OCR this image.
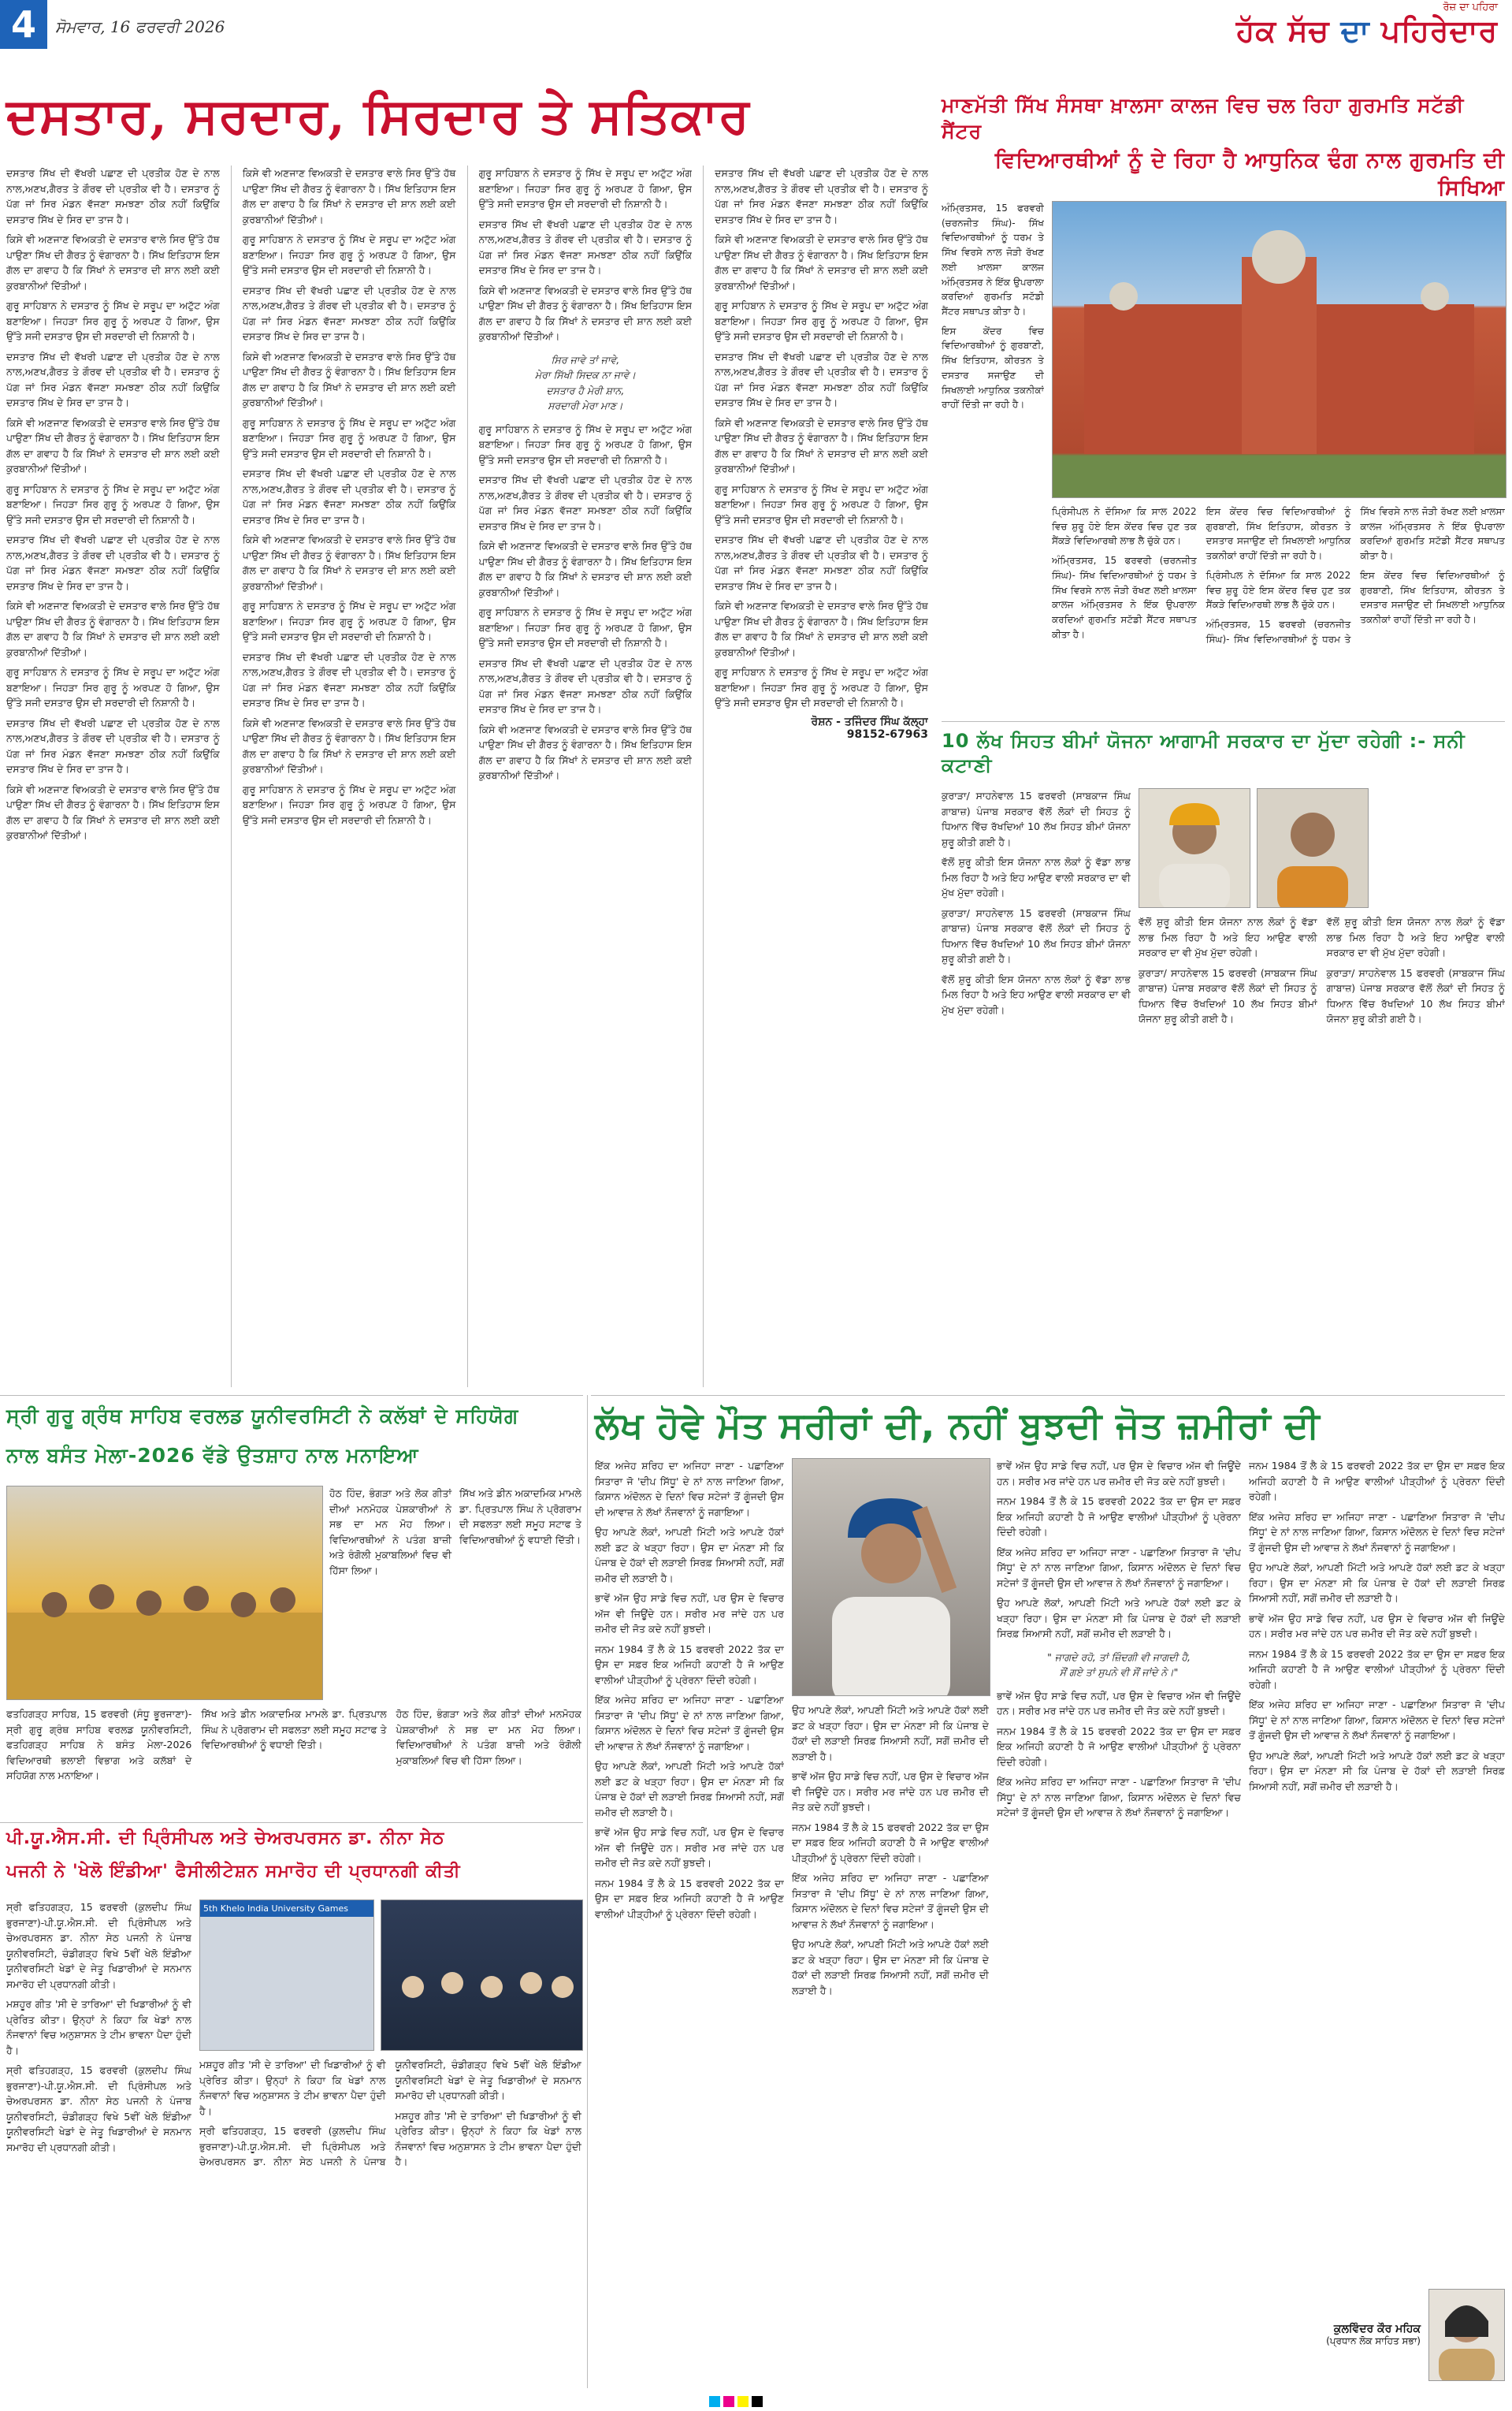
4	ਸੋਮਵਾਰ, 16 ਫਰਵਰੀ 2026
ਰੋਜ਼ ਦਾ ਪਹਿਰਾ
ਹੱਕ ਸੱਚ ਦਾ ਪਹਿਰੇਦਾਰ
ਦਸਤਾਰ, ਸਰਦਾਰ, ਸਿਰਦਾਰ ਤੇ ਸਤਿਕਾਰ

ਦਸਤਾਰ ਸਿੱਖ ਦੀ ਵੱਖਰੀ ਪਛਾਣ ਦੀ ਪ੍ਰਤੀਕ ਹੋਣ ਦੇ ਨਾਲ ਨਾਲ,ਅਣਖ,ਗੈਰਤ ਤੇ ਗੌਰਵ ਦੀ ਪ੍ਰਤੀਕ ਵੀ ਹੈ। ਦਸਤਾਰ ਨੂੰ ਪੱਗ ਜਾਂ ਸਿਰ ਮੰਡਨ ਵੱਜਣਾ ਸਮਝਣਾ ਠੀਕ ਨਹੀਂ ਕਿਉਂਕਿ ਦਸਤਾਰ ਸਿੱਖ ਦੇ ਸਿਰ ਦਾ ਤਾਜ ਹੈ।

ਕਿਸੇ ਵੀ ਅਣਜਾਣ ਵਿਅਕਤੀ ਦੇ ਦਸਤਾਰ ਵਾਲੇ ਸਿਰ ਉੱਤੇ ਹੱਥ ਪਾਉਣਾ ਸਿੱਖ ਦੀ ਗੈਰਤ ਨੂੰ ਵੰਗਾਰਨਾ ਹੈ। ਸਿੱਖ ਇਤਿਹਾਸ ਇਸ ਗੱਲ ਦਾ ਗਵਾਹ ਹੈ ਕਿ ਸਿੱਖਾਂ ਨੇ ਦਸਤਾਰ ਦੀ ਸ਼ਾਨ ਲਈ ਕਈ ਕੁਰਬਾਨੀਆਂ ਦਿੱਤੀਆਂ।

ਗੁਰੂ ਸਾਹਿਬਾਨ ਨੇ ਦਸਤਾਰ ਨੂੰ ਸਿੱਖ ਦੇ ਸਰੂਪ ਦਾ ਅਟੁੱਟ ਅੰਗ ਬਣਾਇਆ। ਜਿਹੜਾ ਸਿਰ ਗੁਰੂ ਨੂੰ ਅਰਪਣ ਹੋ ਗਿਆ, ਉਸ ਉੱਤੇ ਸਜੀ ਦਸਤਾਰ ਉਸ ਦੀ ਸਰਦਾਰੀ ਦੀ ਨਿਸ਼ਾਨੀ ਹੈ।

ਦਸਤਾਰ ਸਿੱਖ ਦੀ ਵੱਖਰੀ ਪਛਾਣ ਦੀ ਪ੍ਰਤੀਕ ਹੋਣ ਦੇ ਨਾਲ ਨਾਲ,ਅਣਖ,ਗੈਰਤ ਤੇ ਗੌਰਵ ਦੀ ਪ੍ਰਤੀਕ ਵੀ ਹੈ। ਦਸਤਾਰ ਨੂੰ ਪੱਗ ਜਾਂ ਸਿਰ ਮੰਡਨ ਵੱਜਣਾ ਸਮਝਣਾ ਠੀਕ ਨਹੀਂ ਕਿਉਂਕਿ ਦਸਤਾਰ ਸਿੱਖ ਦੇ ਸਿਰ ਦਾ ਤਾਜ ਹੈ।

ਕਿਸੇ ਵੀ ਅਣਜਾਣ ਵਿਅਕਤੀ ਦੇ ਦਸਤਾਰ ਵਾਲੇ ਸਿਰ ਉੱਤੇ ਹੱਥ ਪਾਉਣਾ ਸਿੱਖ ਦੀ ਗੈਰਤ ਨੂੰ ਵੰਗਾਰਨਾ ਹੈ। ਸਿੱਖ ਇਤਿਹਾਸ ਇਸ ਗੱਲ ਦਾ ਗਵਾਹ ਹੈ ਕਿ ਸਿੱਖਾਂ ਨੇ ਦਸਤਾਰ ਦੀ ਸ਼ਾਨ ਲਈ ਕਈ ਕੁਰਬਾਨੀਆਂ ਦਿੱਤੀਆਂ।

ਗੁਰੂ ਸਾਹਿਬਾਨ ਨੇ ਦਸਤਾਰ ਨੂੰ ਸਿੱਖ ਦੇ ਸਰੂਪ ਦਾ ਅਟੁੱਟ ਅੰਗ ਬਣਾਇਆ। ਜਿਹੜਾ ਸਿਰ ਗੁਰੂ ਨੂੰ ਅਰਪਣ ਹੋ ਗਿਆ, ਉਸ ਉੱਤੇ ਸਜੀ ਦਸਤਾਰ ਉਸ ਦੀ ਸਰਦਾਰੀ ਦੀ ਨਿਸ਼ਾਨੀ ਹੈ।

ਦਸਤਾਰ ਸਿੱਖ ਦੀ ਵੱਖਰੀ ਪਛਾਣ ਦੀ ਪ੍ਰਤੀਕ ਹੋਣ ਦੇ ਨਾਲ ਨਾਲ,ਅਣਖ,ਗੈਰਤ ਤੇ ਗੌਰਵ ਦੀ ਪ੍ਰਤੀਕ ਵੀ ਹੈ। ਦਸਤਾਰ ਨੂੰ ਪੱਗ ਜਾਂ ਸਿਰ ਮੰਡਨ ਵੱਜਣਾ ਸਮਝਣਾ ਠੀਕ ਨਹੀਂ ਕਿਉਂਕਿ ਦਸਤਾਰ ਸਿੱਖ ਦੇ ਸਿਰ ਦਾ ਤਾਜ ਹੈ।

ਕਿਸੇ ਵੀ ਅਣਜਾਣ ਵਿਅਕਤੀ ਦੇ ਦਸਤਾਰ ਵਾਲੇ ਸਿਰ ਉੱਤੇ ਹੱਥ ਪਾਉਣਾ ਸਿੱਖ ਦੀ ਗੈਰਤ ਨੂੰ ਵੰਗਾਰਨਾ ਹੈ। ਸਿੱਖ ਇਤਿਹਾਸ ਇਸ ਗੱਲ ਦਾ ਗਵਾਹ ਹੈ ਕਿ ਸਿੱਖਾਂ ਨੇ ਦਸਤਾਰ ਦੀ ਸ਼ਾਨ ਲਈ ਕਈ ਕੁਰਬਾਨੀਆਂ ਦਿੱਤੀਆਂ।

ਗੁਰੂ ਸਾਹਿਬਾਨ ਨੇ ਦਸਤਾਰ ਨੂੰ ਸਿੱਖ ਦੇ ਸਰੂਪ ਦਾ ਅਟੁੱਟ ਅੰਗ ਬਣਾਇਆ। ਜਿਹੜਾ ਸਿਰ ਗੁਰੂ ਨੂੰ ਅਰਪਣ ਹੋ ਗਿਆ, ਉਸ ਉੱਤੇ ਸਜੀ ਦਸਤਾਰ ਉਸ ਦੀ ਸਰਦਾਰੀ ਦੀ ਨਿਸ਼ਾਨੀ ਹੈ।

ਦਸਤਾਰ ਸਿੱਖ ਦੀ ਵੱਖਰੀ ਪਛਾਣ ਦੀ ਪ੍ਰਤੀਕ ਹੋਣ ਦੇ ਨਾਲ ਨਾਲ,ਅਣਖ,ਗੈਰਤ ਤੇ ਗੌਰਵ ਦੀ ਪ੍ਰਤੀਕ ਵੀ ਹੈ। ਦਸਤਾਰ ਨੂੰ ਪੱਗ ਜਾਂ ਸਿਰ ਮੰਡਨ ਵੱਜਣਾ ਸਮਝਣਾ ਠੀਕ ਨਹੀਂ ਕਿਉਂਕਿ ਦਸਤਾਰ ਸਿੱਖ ਦੇ ਸਿਰ ਦਾ ਤਾਜ ਹੈ।

ਕਿਸੇ ਵੀ ਅਣਜਾਣ ਵਿਅਕਤੀ ਦੇ ਦਸਤਾਰ ਵਾਲੇ ਸਿਰ ਉੱਤੇ ਹੱਥ ਪਾਉਣਾ ਸਿੱਖ ਦੀ ਗੈਰਤ ਨੂੰ ਵੰਗਾਰਨਾ ਹੈ। ਸਿੱਖ ਇਤਿਹਾਸ ਇਸ ਗੱਲ ਦਾ ਗਵਾਹ ਹੈ ਕਿ ਸਿੱਖਾਂ ਨੇ ਦਸਤਾਰ ਦੀ ਸ਼ਾਨ ਲਈ ਕਈ ਕੁਰਬਾਨੀਆਂ ਦਿੱਤੀਆਂ।

ਕਿਸੇ ਵੀ ਅਣਜਾਣ ਵਿਅਕਤੀ ਦੇ ਦਸਤਾਰ ਵਾਲੇ ਸਿਰ ਉੱਤੇ ਹੱਥ ਪਾਉਣਾ ਸਿੱਖ ਦੀ ਗੈਰਤ ਨੂੰ ਵੰਗਾਰਨਾ ਹੈ। ਸਿੱਖ ਇਤਿਹਾਸ ਇਸ ਗੱਲ ਦਾ ਗਵਾਹ ਹੈ ਕਿ ਸਿੱਖਾਂ ਨੇ ਦਸਤਾਰ ਦੀ ਸ਼ਾਨ ਲਈ ਕਈ ਕੁਰਬਾਨੀਆਂ ਦਿੱਤੀਆਂ।

ਗੁਰੂ ਸਾਹਿਬਾਨ ਨੇ ਦਸਤਾਰ ਨੂੰ ਸਿੱਖ ਦੇ ਸਰੂਪ ਦਾ ਅਟੁੱਟ ਅੰਗ ਬਣਾਇਆ। ਜਿਹੜਾ ਸਿਰ ਗੁਰੂ ਨੂੰ ਅਰਪਣ ਹੋ ਗਿਆ, ਉਸ ਉੱਤੇ ਸਜੀ ਦਸਤਾਰ ਉਸ ਦੀ ਸਰਦਾਰੀ ਦੀ ਨਿਸ਼ਾਨੀ ਹੈ।

ਦਸਤਾਰ ਸਿੱਖ ਦੀ ਵੱਖਰੀ ਪਛਾਣ ਦੀ ਪ੍ਰਤੀਕ ਹੋਣ ਦੇ ਨਾਲ ਨਾਲ,ਅਣਖ,ਗੈਰਤ ਤੇ ਗੌਰਵ ਦੀ ਪ੍ਰਤੀਕ ਵੀ ਹੈ। ਦਸਤਾਰ ਨੂੰ ਪੱਗ ਜਾਂ ਸਿਰ ਮੰਡਨ ਵੱਜਣਾ ਸਮਝਣਾ ਠੀਕ ਨਹੀਂ ਕਿਉਂਕਿ ਦਸਤਾਰ ਸਿੱਖ ਦੇ ਸਿਰ ਦਾ ਤਾਜ ਹੈ।

ਕਿਸੇ ਵੀ ਅਣਜਾਣ ਵਿਅਕਤੀ ਦੇ ਦਸਤਾਰ ਵਾਲੇ ਸਿਰ ਉੱਤੇ ਹੱਥ ਪਾਉਣਾ ਸਿੱਖ ਦੀ ਗੈਰਤ ਨੂੰ ਵੰਗਾਰਨਾ ਹੈ। ਸਿੱਖ ਇਤਿਹਾਸ ਇਸ ਗੱਲ ਦਾ ਗਵਾਹ ਹੈ ਕਿ ਸਿੱਖਾਂ ਨੇ ਦਸਤਾਰ ਦੀ ਸ਼ਾਨ ਲਈ ਕਈ ਕੁਰਬਾਨੀਆਂ ਦਿੱਤੀਆਂ।

ਗੁਰੂ ਸਾਹਿਬਾਨ ਨੇ ਦਸਤਾਰ ਨੂੰ ਸਿੱਖ ਦੇ ਸਰੂਪ ਦਾ ਅਟੁੱਟ ਅੰਗ ਬਣਾਇਆ। ਜਿਹੜਾ ਸਿਰ ਗੁਰੂ ਨੂੰ ਅਰਪਣ ਹੋ ਗਿਆ, ਉਸ ਉੱਤੇ ਸਜੀ ਦਸਤਾਰ ਉਸ ਦੀ ਸਰਦਾਰੀ ਦੀ ਨਿਸ਼ਾਨੀ ਹੈ।

ਦਸਤਾਰ ਸਿੱਖ ਦੀ ਵੱਖਰੀ ਪਛਾਣ ਦੀ ਪ੍ਰਤੀਕ ਹੋਣ ਦੇ ਨਾਲ ਨਾਲ,ਅਣਖ,ਗੈਰਤ ਤੇ ਗੌਰਵ ਦੀ ਪ੍ਰਤੀਕ ਵੀ ਹੈ। ਦਸਤਾਰ ਨੂੰ ਪੱਗ ਜਾਂ ਸਿਰ ਮੰਡਨ ਵੱਜਣਾ ਸਮਝਣਾ ਠੀਕ ਨਹੀਂ ਕਿਉਂਕਿ ਦਸਤਾਰ ਸਿੱਖ ਦੇ ਸਿਰ ਦਾ ਤਾਜ ਹੈ।

ਕਿਸੇ ਵੀ ਅਣਜਾਣ ਵਿਅਕਤੀ ਦੇ ਦਸਤਾਰ ਵਾਲੇ ਸਿਰ ਉੱਤੇ ਹੱਥ ਪਾਉਣਾ ਸਿੱਖ ਦੀ ਗੈਰਤ ਨੂੰ ਵੰਗਾਰਨਾ ਹੈ। ਸਿੱਖ ਇਤਿਹਾਸ ਇਸ ਗੱਲ ਦਾ ਗਵਾਹ ਹੈ ਕਿ ਸਿੱਖਾਂ ਨੇ ਦਸਤਾਰ ਦੀ ਸ਼ਾਨ ਲਈ ਕਈ ਕੁਰਬਾਨੀਆਂ ਦਿੱਤੀਆਂ।

ਗੁਰੂ ਸਾਹਿਬਾਨ ਨੇ ਦਸਤਾਰ ਨੂੰ ਸਿੱਖ ਦੇ ਸਰੂਪ ਦਾ ਅਟੁੱਟ ਅੰਗ ਬਣਾਇਆ। ਜਿਹੜਾ ਸਿਰ ਗੁਰੂ ਨੂੰ ਅਰਪਣ ਹੋ ਗਿਆ, ਉਸ ਉੱਤੇ ਸਜੀ ਦਸਤਾਰ ਉਸ ਦੀ ਸਰਦਾਰੀ ਦੀ ਨਿਸ਼ਾਨੀ ਹੈ।

ਦਸਤਾਰ ਸਿੱਖ ਦੀ ਵੱਖਰੀ ਪਛਾਣ ਦੀ ਪ੍ਰਤੀਕ ਹੋਣ ਦੇ ਨਾਲ ਨਾਲ,ਅਣਖ,ਗੈਰਤ ਤੇ ਗੌਰਵ ਦੀ ਪ੍ਰਤੀਕ ਵੀ ਹੈ। ਦਸਤਾਰ ਨੂੰ ਪੱਗ ਜਾਂ ਸਿਰ ਮੰਡਨ ਵੱਜਣਾ ਸਮਝਣਾ ਠੀਕ ਨਹੀਂ ਕਿਉਂਕਿ ਦਸਤਾਰ ਸਿੱਖ ਦੇ ਸਿਰ ਦਾ ਤਾਜ ਹੈ।

ਕਿਸੇ ਵੀ ਅਣਜਾਣ ਵਿਅਕਤੀ ਦੇ ਦਸਤਾਰ ਵਾਲੇ ਸਿਰ ਉੱਤੇ ਹੱਥ ਪਾਉਣਾ ਸਿੱਖ ਦੀ ਗੈਰਤ ਨੂੰ ਵੰਗਾਰਨਾ ਹੈ। ਸਿੱਖ ਇਤਿਹਾਸ ਇਸ ਗੱਲ ਦਾ ਗਵਾਹ ਹੈ ਕਿ ਸਿੱਖਾਂ ਨੇ ਦਸਤਾਰ ਦੀ ਸ਼ਾਨ ਲਈ ਕਈ ਕੁਰਬਾਨੀਆਂ ਦਿੱਤੀਆਂ।

ਗੁਰੂ ਸਾਹਿਬਾਨ ਨੇ ਦਸਤਾਰ ਨੂੰ ਸਿੱਖ ਦੇ ਸਰੂਪ ਦਾ ਅਟੁੱਟ ਅੰਗ ਬਣਾਇਆ। ਜਿਹੜਾ ਸਿਰ ਗੁਰੂ ਨੂੰ ਅਰਪਣ ਹੋ ਗਿਆ, ਉਸ ਉੱਤੇ ਸਜੀ ਦਸਤਾਰ ਉਸ ਦੀ ਸਰਦਾਰੀ ਦੀ ਨਿਸ਼ਾਨੀ ਹੈ।

ਗੁਰੂ ਸਾਹਿਬਾਨ ਨੇ ਦਸਤਾਰ ਨੂੰ ਸਿੱਖ ਦੇ ਸਰੂਪ ਦਾ ਅਟੁੱਟ ਅੰਗ ਬਣਾਇਆ। ਜਿਹੜਾ ਸਿਰ ਗੁਰੂ ਨੂੰ ਅਰਪਣ ਹੋ ਗਿਆ, ਉਸ ਉੱਤੇ ਸਜੀ ਦਸਤਾਰ ਉਸ ਦੀ ਸਰਦਾਰੀ ਦੀ ਨਿਸ਼ਾਨੀ ਹੈ।

ਦਸਤਾਰ ਸਿੱਖ ਦੀ ਵੱਖਰੀ ਪਛਾਣ ਦੀ ਪ੍ਰਤੀਕ ਹੋਣ ਦੇ ਨਾਲ ਨਾਲ,ਅਣਖ,ਗੈਰਤ ਤੇ ਗੌਰਵ ਦੀ ਪ੍ਰਤੀਕ ਵੀ ਹੈ। ਦਸਤਾਰ ਨੂੰ ਪੱਗ ਜਾਂ ਸਿਰ ਮੰਡਨ ਵੱਜਣਾ ਸਮਝਣਾ ਠੀਕ ਨਹੀਂ ਕਿਉਂਕਿ ਦਸਤਾਰ ਸਿੱਖ ਦੇ ਸਿਰ ਦਾ ਤਾਜ ਹੈ।

ਕਿਸੇ ਵੀ ਅਣਜਾਣ ਵਿਅਕਤੀ ਦੇ ਦਸਤਾਰ ਵਾਲੇ ਸਿਰ ਉੱਤੇ ਹੱਥ ਪਾਉਣਾ ਸਿੱਖ ਦੀ ਗੈਰਤ ਨੂੰ ਵੰਗਾਰਨਾ ਹੈ। ਸਿੱਖ ਇਤਿਹਾਸ ਇਸ ਗੱਲ ਦਾ ਗਵਾਹ ਹੈ ਕਿ ਸਿੱਖਾਂ ਨੇ ਦਸਤਾਰ ਦੀ ਸ਼ਾਨ ਲਈ ਕਈ ਕੁਰਬਾਨੀਆਂ ਦਿੱਤੀਆਂ।

ਸਿਰ ਜਾਵੇ ਤਾਂ ਜਾਵੇ,
ਮੇਰਾ ਸਿੱਖੀ ਸਿਦਕ ਨਾ ਜਾਵੇ।
ਦਸਤਾਰ ਹੈ ਮੇਰੀ ਸ਼ਾਨ,
ਸਰਦਾਰੀ ਮੇਰਾ ਮਾਣ।

ਗੁਰੂ ਸਾਹਿਬਾਨ ਨੇ ਦਸਤਾਰ ਨੂੰ ਸਿੱਖ ਦੇ ਸਰੂਪ ਦਾ ਅਟੁੱਟ ਅੰਗ ਬਣਾਇਆ। ਜਿਹੜਾ ਸਿਰ ਗੁਰੂ ਨੂੰ ਅਰਪਣ ਹੋ ਗਿਆ, ਉਸ ਉੱਤੇ ਸਜੀ ਦਸਤਾਰ ਉਸ ਦੀ ਸਰਦਾਰੀ ਦੀ ਨਿਸ਼ਾਨੀ ਹੈ।

ਦਸਤਾਰ ਸਿੱਖ ਦੀ ਵੱਖਰੀ ਪਛਾਣ ਦੀ ਪ੍ਰਤੀਕ ਹੋਣ ਦੇ ਨਾਲ ਨਾਲ,ਅਣਖ,ਗੈਰਤ ਤੇ ਗੌਰਵ ਦੀ ਪ੍ਰਤੀਕ ਵੀ ਹੈ। ਦਸਤਾਰ ਨੂੰ ਪੱਗ ਜਾਂ ਸਿਰ ਮੰਡਨ ਵੱਜਣਾ ਸਮਝਣਾ ਠੀਕ ਨਹੀਂ ਕਿਉਂਕਿ ਦਸਤਾਰ ਸਿੱਖ ਦੇ ਸਿਰ ਦਾ ਤਾਜ ਹੈ।

ਕਿਸੇ ਵੀ ਅਣਜਾਣ ਵਿਅਕਤੀ ਦੇ ਦਸਤਾਰ ਵਾਲੇ ਸਿਰ ਉੱਤੇ ਹੱਥ ਪਾਉਣਾ ਸਿੱਖ ਦੀ ਗੈਰਤ ਨੂੰ ਵੰਗਾਰਨਾ ਹੈ। ਸਿੱਖ ਇਤਿਹਾਸ ਇਸ ਗੱਲ ਦਾ ਗਵਾਹ ਹੈ ਕਿ ਸਿੱਖਾਂ ਨੇ ਦਸਤਾਰ ਦੀ ਸ਼ਾਨ ਲਈ ਕਈ ਕੁਰਬਾਨੀਆਂ ਦਿੱਤੀਆਂ।

ਗੁਰੂ ਸਾਹਿਬਾਨ ਨੇ ਦਸਤਾਰ ਨੂੰ ਸਿੱਖ ਦੇ ਸਰੂਪ ਦਾ ਅਟੁੱਟ ਅੰਗ ਬਣਾਇਆ। ਜਿਹੜਾ ਸਿਰ ਗੁਰੂ ਨੂੰ ਅਰਪਣ ਹੋ ਗਿਆ, ਉਸ ਉੱਤੇ ਸਜੀ ਦਸਤਾਰ ਉਸ ਦੀ ਸਰਦਾਰੀ ਦੀ ਨਿਸ਼ਾਨੀ ਹੈ।

ਦਸਤਾਰ ਸਿੱਖ ਦੀ ਵੱਖਰੀ ਪਛਾਣ ਦੀ ਪ੍ਰਤੀਕ ਹੋਣ ਦੇ ਨਾਲ ਨਾਲ,ਅਣਖ,ਗੈਰਤ ਤੇ ਗੌਰਵ ਦੀ ਪ੍ਰਤੀਕ ਵੀ ਹੈ। ਦਸਤਾਰ ਨੂੰ ਪੱਗ ਜਾਂ ਸਿਰ ਮੰਡਨ ਵੱਜਣਾ ਸਮਝਣਾ ਠੀਕ ਨਹੀਂ ਕਿਉਂਕਿ ਦਸਤਾਰ ਸਿੱਖ ਦੇ ਸਿਰ ਦਾ ਤਾਜ ਹੈ।

ਕਿਸੇ ਵੀ ਅਣਜਾਣ ਵਿਅਕਤੀ ਦੇ ਦਸਤਾਰ ਵਾਲੇ ਸਿਰ ਉੱਤੇ ਹੱਥ ਪਾਉਣਾ ਸਿੱਖ ਦੀ ਗੈਰਤ ਨੂੰ ਵੰਗਾਰਨਾ ਹੈ। ਸਿੱਖ ਇਤਿਹਾਸ ਇਸ ਗੱਲ ਦਾ ਗਵਾਹ ਹੈ ਕਿ ਸਿੱਖਾਂ ਨੇ ਦਸਤਾਰ ਦੀ ਸ਼ਾਨ ਲਈ ਕਈ ਕੁਰਬਾਨੀਆਂ ਦਿੱਤੀਆਂ।

ਦਸਤਾਰ ਸਿੱਖ ਦੀ ਵੱਖਰੀ ਪਛਾਣ ਦੀ ਪ੍ਰਤੀਕ ਹੋਣ ਦੇ ਨਾਲ ਨਾਲ,ਅਣਖ,ਗੈਰਤ ਤੇ ਗੌਰਵ ਦੀ ਪ੍ਰਤੀਕ ਵੀ ਹੈ। ਦਸਤਾਰ ਨੂੰ ਪੱਗ ਜਾਂ ਸਿਰ ਮੰਡਨ ਵੱਜਣਾ ਸਮਝਣਾ ਠੀਕ ਨਹੀਂ ਕਿਉਂਕਿ ਦਸਤਾਰ ਸਿੱਖ ਦੇ ਸਿਰ ਦਾ ਤਾਜ ਹੈ।

ਕਿਸੇ ਵੀ ਅਣਜਾਣ ਵਿਅਕਤੀ ਦੇ ਦਸਤਾਰ ਵਾਲੇ ਸਿਰ ਉੱਤੇ ਹੱਥ ਪਾਉਣਾ ਸਿੱਖ ਦੀ ਗੈਰਤ ਨੂੰ ਵੰਗਾਰਨਾ ਹੈ। ਸਿੱਖ ਇਤਿਹਾਸ ਇਸ ਗੱਲ ਦਾ ਗਵਾਹ ਹੈ ਕਿ ਸਿੱਖਾਂ ਨੇ ਦਸਤਾਰ ਦੀ ਸ਼ਾਨ ਲਈ ਕਈ ਕੁਰਬਾਨੀਆਂ ਦਿੱਤੀਆਂ।

ਗੁਰੂ ਸਾਹਿਬਾਨ ਨੇ ਦਸਤਾਰ ਨੂੰ ਸਿੱਖ ਦੇ ਸਰੂਪ ਦਾ ਅਟੁੱਟ ਅੰਗ ਬਣਾਇਆ। ਜਿਹੜਾ ਸਿਰ ਗੁਰੂ ਨੂੰ ਅਰਪਣ ਹੋ ਗਿਆ, ਉਸ ਉੱਤੇ ਸਜੀ ਦਸਤਾਰ ਉਸ ਦੀ ਸਰਦਾਰੀ ਦੀ ਨਿਸ਼ਾਨੀ ਹੈ।

ਦਸਤਾਰ ਸਿੱਖ ਦੀ ਵੱਖਰੀ ਪਛਾਣ ਦੀ ਪ੍ਰਤੀਕ ਹੋਣ ਦੇ ਨਾਲ ਨਾਲ,ਅਣਖ,ਗੈਰਤ ਤੇ ਗੌਰਵ ਦੀ ਪ੍ਰਤੀਕ ਵੀ ਹੈ। ਦਸਤਾਰ ਨੂੰ ਪੱਗ ਜਾਂ ਸਿਰ ਮੰਡਨ ਵੱਜਣਾ ਸਮਝਣਾ ਠੀਕ ਨਹੀਂ ਕਿਉਂਕਿ ਦਸਤਾਰ ਸਿੱਖ ਦੇ ਸਿਰ ਦਾ ਤਾਜ ਹੈ।

ਕਿਸੇ ਵੀ ਅਣਜਾਣ ਵਿਅਕਤੀ ਦੇ ਦਸਤਾਰ ਵਾਲੇ ਸਿਰ ਉੱਤੇ ਹੱਥ ਪਾਉਣਾ ਸਿੱਖ ਦੀ ਗੈਰਤ ਨੂੰ ਵੰਗਾਰਨਾ ਹੈ। ਸਿੱਖ ਇਤਿਹਾਸ ਇਸ ਗੱਲ ਦਾ ਗਵਾਹ ਹੈ ਕਿ ਸਿੱਖਾਂ ਨੇ ਦਸਤਾਰ ਦੀ ਸ਼ਾਨ ਲਈ ਕਈ ਕੁਰਬਾਨੀਆਂ ਦਿੱਤੀਆਂ।

ਗੁਰੂ ਸਾਹਿਬਾਨ ਨੇ ਦਸਤਾਰ ਨੂੰ ਸਿੱਖ ਦੇ ਸਰੂਪ ਦਾ ਅਟੁੱਟ ਅੰਗ ਬਣਾਇਆ। ਜਿਹੜਾ ਸਿਰ ਗੁਰੂ ਨੂੰ ਅਰਪਣ ਹੋ ਗਿਆ, ਉਸ ਉੱਤੇ ਸਜੀ ਦਸਤਾਰ ਉਸ ਦੀ ਸਰਦਾਰੀ ਦੀ ਨਿਸ਼ਾਨੀ ਹੈ।

ਦਸਤਾਰ ਸਿੱਖ ਦੀ ਵੱਖਰੀ ਪਛਾਣ ਦੀ ਪ੍ਰਤੀਕ ਹੋਣ ਦੇ ਨਾਲ ਨਾਲ,ਅਣਖ,ਗੈਰਤ ਤੇ ਗੌਰਵ ਦੀ ਪ੍ਰਤੀਕ ਵੀ ਹੈ। ਦਸਤਾਰ ਨੂੰ ਪੱਗ ਜਾਂ ਸਿਰ ਮੰਡਨ ਵੱਜਣਾ ਸਮਝਣਾ ਠੀਕ ਨਹੀਂ ਕਿਉਂਕਿ ਦਸਤਾਰ ਸਿੱਖ ਦੇ ਸਿਰ ਦਾ ਤਾਜ ਹੈ।

ਕਿਸੇ ਵੀ ਅਣਜਾਣ ਵਿਅਕਤੀ ਦੇ ਦਸਤਾਰ ਵਾਲੇ ਸਿਰ ਉੱਤੇ ਹੱਥ ਪਾਉਣਾ ਸਿੱਖ ਦੀ ਗੈਰਤ ਨੂੰ ਵੰਗਾਰਨਾ ਹੈ। ਸਿੱਖ ਇਤਿਹਾਸ ਇਸ ਗੱਲ ਦਾ ਗਵਾਹ ਹੈ ਕਿ ਸਿੱਖਾਂ ਨੇ ਦਸਤਾਰ ਦੀ ਸ਼ਾਨ ਲਈ ਕਈ ਕੁਰਬਾਨੀਆਂ ਦਿੱਤੀਆਂ।

ਗੁਰੂ ਸਾਹਿਬਾਨ ਨੇ ਦਸਤਾਰ ਨੂੰ ਸਿੱਖ ਦੇ ਸਰੂਪ ਦਾ ਅਟੁੱਟ ਅੰਗ ਬਣਾਇਆ। ਜਿਹੜਾ ਸਿਰ ਗੁਰੂ ਨੂੰ ਅਰਪਣ ਹੋ ਗਿਆ, ਉਸ ਉੱਤੇ ਸਜੀ ਦਸਤਾਰ ਉਸ ਦੀ ਸਰਦਾਰੀ ਦੀ ਨਿਸ਼ਾਨੀ ਹੈ।

ਰੋਸ਼ਨ - ਤਜਿੰਦਰ ਸਿੰਘ ਕੱਲ੍ਹਾ
98152-67963
ਮਾਣਮੱਤੀ ਸਿੱਖ ਸੰਸਥਾ ਖ਼ਾਲਸਾ ਕਾਲਜ ਵਿਚ ਚਲ ਰਿਹਾ ਗੁਰਮਤਿ ਸਟੱਡੀ ਸੈਂਟਰ
ਵਿਦਿਆਰਥੀਆਂ ਨੂੰ ਦੇ ਰਿਹਾ ਹੈ ਆਧੁਨਿਕ ਢੰਗ ਨਾਲ ਗੁਰਮਤਿ ਦੀ ਸਿਖਿਆ

ਅੰਮ੍ਰਿਤਸਰ, 15 ਫਰਵਰੀ (ਚਰਨਜੀਤ ਸਿੰਘ)- ਸਿੱਖ ਵਿਦਿਆਰਥੀਆਂ ਨੂੰ ਧਰਮ ਤੇ ਸਿੱਖ ਵਿਰਸੇ ਨਾਲ ਜੋੜੀ ਰੱਖਣ ਲਈ ਖ਼ਾਲਸਾ ਕਾਲਜ ਅੰਮ੍ਰਿਤਸਰ ਨੇ ਇੱਕ ਉਪਰਾਲਾ ਕਰਦਿਆਂ ਗੁਰਮਤਿ ਸਟੱਡੀ ਸੈਂਟਰ ਸਥਾਪਤ ਕੀਤਾ ਹੈ।

ਇਸ ਕੇਂਦਰ ਵਿਚ ਵਿਦਿਆਰਥੀਆਂ ਨੂੰ ਗੁਰਬਾਣੀ, ਸਿੱਖ ਇਤਿਹਾਸ, ਕੀਰਤਨ ਤੇ ਦਸਤਾਰ ਸਜਾਉਣ ਦੀ ਸਿਖਲਾਈ ਆਧੁਨਿਕ ਤਕਨੀਕਾਂ ਰਾਹੀਂ ਦਿੱਤੀ ਜਾ ਰਹੀ ਹੈ।

ਪ੍ਰਿੰਸੀਪਲ ਨੇ ਦੱਸਿਆ ਕਿ ਸਾਲ 2022 ਵਿਚ ਸ਼ੁਰੂ ਹੋਏ ਇਸ ਕੇਂਦਰ ਵਿਚ ਹੁਣ ਤਕ ਸੈਂਕੜੇ ਵਿਦਿਆਰਥੀ ਲਾਭ ਲੈ ਚੁੱਕੇ ਹਨ।

ਅੰਮ੍ਰਿਤਸਰ, 15 ਫਰਵਰੀ (ਚਰਨਜੀਤ ਸਿੰਘ)- ਸਿੱਖ ਵਿਦਿਆਰਥੀਆਂ ਨੂੰ ਧਰਮ ਤੇ ਸਿੱਖ ਵਿਰਸੇ ਨਾਲ ਜੋੜੀ ਰੱਖਣ ਲਈ ਖ਼ਾਲਸਾ ਕਾਲਜ ਅੰਮ੍ਰਿਤਸਰ ਨੇ ਇੱਕ ਉਪਰਾਲਾ ਕਰਦਿਆਂ ਗੁਰਮਤਿ ਸਟੱਡੀ ਸੈਂਟਰ ਸਥਾਪਤ ਕੀਤਾ ਹੈ।

ਇਸ ਕੇਂਦਰ ਵਿਚ ਵਿਦਿਆਰਥੀਆਂ ਨੂੰ ਗੁਰਬਾਣੀ, ਸਿੱਖ ਇਤਿਹਾਸ, ਕੀਰਤਨ ਤੇ ਦਸਤਾਰ ਸਜਾਉਣ ਦੀ ਸਿਖਲਾਈ ਆਧੁਨਿਕ ਤਕਨੀਕਾਂ ਰਾਹੀਂ ਦਿੱਤੀ ਜਾ ਰਹੀ ਹੈ।

ਪ੍ਰਿੰਸੀਪਲ ਨੇ ਦੱਸਿਆ ਕਿ ਸਾਲ 2022 ਵਿਚ ਸ਼ੁਰੂ ਹੋਏ ਇਸ ਕੇਂਦਰ ਵਿਚ ਹੁਣ ਤਕ ਸੈਂਕੜੇ ਵਿਦਿਆਰਥੀ ਲਾਭ ਲੈ ਚੁੱਕੇ ਹਨ।

ਅੰਮ੍ਰਿਤਸਰ, 15 ਫਰਵਰੀ (ਚਰਨਜੀਤ ਸਿੰਘ)- ਸਿੱਖ ਵਿਦਿਆਰਥੀਆਂ ਨੂੰ ਧਰਮ ਤੇ ਸਿੱਖ ਵਿਰਸੇ ਨਾਲ ਜੋੜੀ ਰੱਖਣ ਲਈ ਖ਼ਾਲਸਾ ਕਾਲਜ ਅੰਮ੍ਰਿਤਸਰ ਨੇ ਇੱਕ ਉਪਰਾਲਾ ਕਰਦਿਆਂ ਗੁਰਮਤਿ ਸਟੱਡੀ ਸੈਂਟਰ ਸਥਾਪਤ ਕੀਤਾ ਹੈ।

ਇਸ ਕੇਂਦਰ ਵਿਚ ਵਿਦਿਆਰਥੀਆਂ ਨੂੰ ਗੁਰਬਾਣੀ, ਸਿੱਖ ਇਤਿਹਾਸ, ਕੀਰਤਨ ਤੇ ਦਸਤਾਰ ਸਜਾਉਣ ਦੀ ਸਿਖਲਾਈ ਆਧੁਨਿਕ ਤਕਨੀਕਾਂ ਰਾਹੀਂ ਦਿੱਤੀ ਜਾ ਰਹੀ ਹੈ।

10 ਲੱਖ ਸਿਹਤ ਬੀਮਾਂ ਯੋਜਨਾ ਆਗਾਮੀ ਸਰਕਾਰ ਦਾ ਮੁੱਦਾ ਰਹੇਗੀ :- ਸਨੀ ਕਟਾਣੀ

ਕੁਰਾੜਾ/ ਸਾਹਨੇਵਾਲ 15 ਫਰਵਰੀ (ਸਾਬਕਾਜ ਸਿੰਘ ਗਾਬਾਜ਼) ਪੰਜਾਬ ਸਰਕਾਰ ਵੱਲੋਂ ਲੋਕਾਂ ਦੀ ਸਿਹਤ ਨੂੰ ਧਿਆਨ ਵਿੱਚ ਰੱਖਦਿਆਂ 10 ਲੱਖ ਸਿਹਤ ਬੀਮਾਂ ਯੋਜਨਾ ਸ਼ੁਰੂ ਕੀਤੀ ਗਈ ਹੈ।

ਵੱਲੋਂ ਸ਼ੁਰੂ ਕੀਤੀ ਇਸ ਯੋਜਨਾ ਨਾਲ ਲੋਕਾਂ ਨੂੰ ਵੱਡਾ ਲਾਭ ਮਿਲ ਰਿਹਾ ਹੈ ਅਤੇ ਇਹ ਆਉਣ ਵਾਲੀ ਸਰਕਾਰ ਦਾ ਵੀ ਮੁੱਖ ਮੁੱਦਾ ਰਹੇਗੀ।

ਕੁਰਾੜਾ/ ਸਾਹਨੇਵਾਲ 15 ਫਰਵਰੀ (ਸਾਬਕਾਜ ਸਿੰਘ ਗਾਬਾਜ਼) ਪੰਜਾਬ ਸਰਕਾਰ ਵੱਲੋਂ ਲੋਕਾਂ ਦੀ ਸਿਹਤ ਨੂੰ ਧਿਆਨ ਵਿੱਚ ਰੱਖਦਿਆਂ 10 ਲੱਖ ਸਿਹਤ ਬੀਮਾਂ ਯੋਜਨਾ ਸ਼ੁਰੂ ਕੀਤੀ ਗਈ ਹੈ।

ਵੱਲੋਂ ਸ਼ੁਰੂ ਕੀਤੀ ਇਸ ਯੋਜਨਾ ਨਾਲ ਲੋਕਾਂ ਨੂੰ ਵੱਡਾ ਲਾਭ ਮਿਲ ਰਿਹਾ ਹੈ ਅਤੇ ਇਹ ਆਉਣ ਵਾਲੀ ਸਰਕਾਰ ਦਾ ਵੀ ਮੁੱਖ ਮੁੱਦਾ ਰਹੇਗੀ।

ਵੱਲੋਂ ਸ਼ੁਰੂ ਕੀਤੀ ਇਸ ਯੋਜਨਾ ਨਾਲ ਲੋਕਾਂ ਨੂੰ ਵੱਡਾ ਲਾਭ ਮਿਲ ਰਿਹਾ ਹੈ ਅਤੇ ਇਹ ਆਉਣ ਵਾਲੀ ਸਰਕਾਰ ਦਾ ਵੀ ਮੁੱਖ ਮੁੱਦਾ ਰਹੇਗੀ।

ਕੁਰਾੜਾ/ ਸਾਹਨੇਵਾਲ 15 ਫਰਵਰੀ (ਸਾਬਕਾਜ ਸਿੰਘ ਗਾਬਾਜ਼) ਪੰਜਾਬ ਸਰਕਾਰ ਵੱਲੋਂ ਲੋਕਾਂ ਦੀ ਸਿਹਤ ਨੂੰ ਧਿਆਨ ਵਿੱਚ ਰੱਖਦਿਆਂ 10 ਲੱਖ ਸਿਹਤ ਬੀਮਾਂ ਯੋਜਨਾ ਸ਼ੁਰੂ ਕੀਤੀ ਗਈ ਹੈ।

ਵੱਲੋਂ ਸ਼ੁਰੂ ਕੀਤੀ ਇਸ ਯੋਜਨਾ ਨਾਲ ਲੋਕਾਂ ਨੂੰ ਵੱਡਾ ਲਾਭ ਮਿਲ ਰਿਹਾ ਹੈ ਅਤੇ ਇਹ ਆਉਣ ਵਾਲੀ ਸਰਕਾਰ ਦਾ ਵੀ ਮੁੱਖ ਮੁੱਦਾ ਰਹੇਗੀ।

ਕੁਰਾੜਾ/ ਸਾਹਨੇਵਾਲ 15 ਫਰਵਰੀ (ਸਾਬਕਾਜ ਸਿੰਘ ਗਾਬਾਜ਼) ਪੰਜਾਬ ਸਰਕਾਰ ਵੱਲੋਂ ਲੋਕਾਂ ਦੀ ਸਿਹਤ ਨੂੰ ਧਿਆਨ ਵਿੱਚ ਰੱਖਦਿਆਂ 10 ਲੱਖ ਸਿਹਤ ਬੀਮਾਂ ਯੋਜਨਾ ਸ਼ੁਰੂ ਕੀਤੀ ਗਈ ਹੈ।

ਸ੍ਰੀ ਗੁਰੂ ਗ੍ਰੰਥ ਸਾਹਿਬ ਵਰਲਡ ਯੂਨੀਵਰਸਿਟੀ ਨੇ ਕਲੱਬਾਂ ਦੇ ਸਹਿਯੋਗ
ਨਾਲ ਬਸੰਤ ਮੇਲਾ-2026 ਵੱਡੇ ਉਤਸ਼ਾਹ ਨਾਲ ਮਨਾਇਆ

ਹੋਠ ਹਿੰਦ, ਭੰਗੜਾ ਅਤੇ ਲੋਕ ਗੀਤਾਂ ਦੀਆਂ ਮਨਮੋਹਕ ਪੇਸ਼ਕਾਰੀਆਂ ਨੇ ਸਭ ਦਾ ਮਨ ਮੋਹ ਲਿਆ। ਵਿਦਿਆਰਥੀਆਂ ਨੇ ਪਤੰਗ ਬਾਜ਼ੀ ਅਤੇ ਰੰਗੋਲੀ ਮੁਕਾਬਲਿਆਂ ਵਿਚ ਵੀ ਹਿੱਸਾ ਲਿਆ।

ਸਿੱਖ ਅਤੇ ਡੀਨ ਅਕਾਦਮਿਕ ਮਾਮਲੇ ਡਾ. ਪ੍ਰਿਤਪਾਲ ਸਿੰਘ ਨੇ ਪ੍ਰੋਗਰਾਮ ਦੀ ਸਫਲਤਾ ਲਈ ਸਮੂਹ ਸਟਾਫ ਤੇ ਵਿਦਿਆਰਥੀਆਂ ਨੂੰ ਵਧਾਈ ਦਿੱਤੀ।

ਫਤਹਿਗੜ੍ਹ ਸਾਹਿਬ, 15 ਫਰਵਰੀ (ਸੰਧੂ ਭੂਰਜਾਣਾ)-ਸ੍ਰੀ ਗੁਰੂ ਗ੍ਰੰਥ ਸਾਹਿਬ ਵਰਲਡ ਯੂਨੀਵਰਸਿਟੀ, ਫਤਹਿਗੜ੍ਹ ਸਾਹਿਬ ਨੇ ਬਸੰਤ ਮੇਲਾ-2026 ਵਿਦਿਆਰਥੀ ਭਲਾਈ ਵਿਭਾਗ ਅਤੇ ਕਲੱਬਾਂ ਦੇ ਸਹਿਯੋਗ ਨਾਲ ਮਨਾਇਆ।

ਸਿੱਖ ਅਤੇ ਡੀਨ ਅਕਾਦਮਿਕ ਮਾਮਲੇ ਡਾ. ਪ੍ਰਿਤਪਾਲ ਸਿੰਘ ਨੇ ਪ੍ਰੋਗਰਾਮ ਦੀ ਸਫਲਤਾ ਲਈ ਸਮੂਹ ਸਟਾਫ ਤੇ ਵਿਦਿਆਰਥੀਆਂ ਨੂੰ ਵਧਾਈ ਦਿੱਤੀ।

ਹੋਠ ਹਿੰਦ, ਭੰਗੜਾ ਅਤੇ ਲੋਕ ਗੀਤਾਂ ਦੀਆਂ ਮਨਮੋਹਕ ਪੇਸ਼ਕਾਰੀਆਂ ਨੇ ਸਭ ਦਾ ਮਨ ਮੋਹ ਲਿਆ। ਵਿਦਿਆਰਥੀਆਂ ਨੇ ਪਤੰਗ ਬਾਜ਼ੀ ਅਤੇ ਰੰਗੋਲੀ ਮੁਕਾਬਲਿਆਂ ਵਿਚ ਵੀ ਹਿੱਸਾ ਲਿਆ।

ਪੀ.ਯੂ.ਐਸ.ਸੀ. ਦੀ ਪ੍ਰਿੰਸੀਪਲ ਅਤੇ ਚੇਅਰਪਰਸਨ ਡਾ. ਨੀਨਾ ਸੇਠ
ਪਜਨੀ ਨੇ 'ਖੇਲੋ ਇੰਡੀਆ' ਫੈਸੀਲੀਟੇਸ਼ਨ ਸਮਾਰੋਹ ਦੀ ਪ੍ਰਧਾਨਗੀ ਕੀਤੀ

ਸ੍ਰੀ ਫਤਿਹਗੜ੍ਹ, 15 ਫਰਵਰੀ (ਕੁਲਦੀਪ ਸਿੰਘ ਭੁਰਜਾਣਾ)-ਪੀ.ਯੂ.ਐਸ.ਸੀ. ਦੀ ਪ੍ਰਿੰਸੀਪਲ ਅਤੇ ਚੇਅਰਪਰਸਨ ਡਾ. ਨੀਨਾ ਸੇਠ ਪਜਨੀ ਨੇ ਪੰਜਾਬ ਯੂਨੀਵਰਸਿਟੀ, ਚੰਡੀਗੜ੍ਹ ਵਿਖੇ 5ਵੀਂ ਖੇਲੋ ਇੰਡੀਆ ਯੂਨੀਵਰਸਿਟੀ ਖੇਡਾਂ ਦੇ ਜੇਤੂ ਖਿਡਾਰੀਆਂ ਦੇ ਸਨਮਾਨ ਸਮਾਰੋਹ ਦੀ ਪ੍ਰਧਾਨਗੀ ਕੀਤੀ।

ਮਸ਼ਹੂਰ ਗੀਤ 'ਸੀ ਦੇ ਤਾਰਿਆ' ਦੀ ਖਿਡਾਰੀਆਂ ਨੂੰ ਵੀ ਪ੍ਰੇਰਿਤ ਕੀਤਾ। ਉਨ੍ਹਾਂ ਨੇ ਕਿਹਾ ਕਿ ਖੇਡਾਂ ਨਾਲ ਨੌਜਵਾਨਾਂ ਵਿਚ ਅਨੁਸ਼ਾਸਨ ਤੇ ਟੀਮ ਭਾਵਨਾ ਪੈਦਾ ਹੁੰਦੀ ਹੈ।

ਸ੍ਰੀ ਫਤਿਹਗੜ੍ਹ, 15 ਫਰਵਰੀ (ਕੁਲਦੀਪ ਸਿੰਘ ਭੁਰਜਾਣਾ)-ਪੀ.ਯੂ.ਐਸ.ਸੀ. ਦੀ ਪ੍ਰਿੰਸੀਪਲ ਅਤੇ ਚੇਅਰਪਰਸਨ ਡਾ. ਨੀਨਾ ਸੇਠ ਪਜਨੀ ਨੇ ਪੰਜਾਬ ਯੂਨੀਵਰਸਿਟੀ, ਚੰਡੀਗੜ੍ਹ ਵਿਖੇ 5ਵੀਂ ਖੇਲੋ ਇੰਡੀਆ ਯੂਨੀਵਰਸਿਟੀ ਖੇਡਾਂ ਦੇ ਜੇਤੂ ਖਿਡਾਰੀਆਂ ਦੇ ਸਨਮਾਨ ਸਮਾਰੋਹ ਦੀ ਪ੍ਰਧਾਨਗੀ ਕੀਤੀ।

5th Khelo India University Games

ਮਸ਼ਹੂਰ ਗੀਤ 'ਸੀ ਦੇ ਤਾਰਿਆ' ਦੀ ਖਿਡਾਰੀਆਂ ਨੂੰ ਵੀ ਪ੍ਰੇਰਿਤ ਕੀਤਾ। ਉਨ੍ਹਾਂ ਨੇ ਕਿਹਾ ਕਿ ਖੇਡਾਂ ਨਾਲ ਨੌਜਵਾਨਾਂ ਵਿਚ ਅਨੁਸ਼ਾਸਨ ਤੇ ਟੀਮ ਭਾਵਨਾ ਪੈਦਾ ਹੁੰਦੀ ਹੈ।

ਸ੍ਰੀ ਫਤਿਹਗੜ੍ਹ, 15 ਫਰਵਰੀ (ਕੁਲਦੀਪ ਸਿੰਘ ਭੁਰਜਾਣਾ)-ਪੀ.ਯੂ.ਐਸ.ਸੀ. ਦੀ ਪ੍ਰਿੰਸੀਪਲ ਅਤੇ ਚੇਅਰਪਰਸਨ ਡਾ. ਨੀਨਾ ਸੇਠ ਪਜਨੀ ਨੇ ਪੰਜਾਬ ਯੂਨੀਵਰਸਿਟੀ, ਚੰਡੀਗੜ੍ਹ ਵਿਖੇ 5ਵੀਂ ਖੇਲੋ ਇੰਡੀਆ ਯੂਨੀਵਰਸਿਟੀ ਖੇਡਾਂ ਦੇ ਜੇਤੂ ਖਿਡਾਰੀਆਂ ਦੇ ਸਨਮਾਨ ਸਮਾਰੋਹ ਦੀ ਪ੍ਰਧਾਨਗੀ ਕੀਤੀ।

ਮਸ਼ਹੂਰ ਗੀਤ 'ਸੀ ਦੇ ਤਾਰਿਆ' ਦੀ ਖਿਡਾਰੀਆਂ ਨੂੰ ਵੀ ਪ੍ਰੇਰਿਤ ਕੀਤਾ। ਉਨ੍ਹਾਂ ਨੇ ਕਿਹਾ ਕਿ ਖੇਡਾਂ ਨਾਲ ਨੌਜਵਾਨਾਂ ਵਿਚ ਅਨੁਸ਼ਾਸਨ ਤੇ ਟੀਮ ਭਾਵਨਾ ਪੈਦਾ ਹੁੰਦੀ ਹੈ।

ਲੱਖ ਹੋਵੇ ਮੌਤ ਸਰੀਰਾਂ ਦੀ, ਨਹੀਂ ਬੁਝਦੀ ਜੋਤ ਜ਼ਮੀਰਾਂ ਦੀ

ਇੱਕ ਅਜੇਹ ਸ਼ਰਿਹ ਦਾ ਅਜਿਹਾ ਜਾਣਾ - ਪਛਾਣਿਆ ਸਿਤਾਰਾ ਜੋ 'ਦੀਪ ਸਿੱਧੂ' ਦੇ ਨਾਂ ਨਾਲ ਜਾਣਿਆ ਗਿਆ, ਕਿਸਾਨ ਅੰਦੋਲਨ ਦੇ ਦਿਨਾਂ ਵਿਚ ਸਟੇਜਾਂ ਤੋਂ ਗੂੰਜਦੀ ਉਸ ਦੀ ਆਵਾਜ਼ ਨੇ ਲੱਖਾਂ ਨੌਜਵਾਨਾਂ ਨੂੰ ਜਗਾਇਆ।

ਉਹ ਆਪਣੇ ਲੋਕਾਂ, ਆਪਣੀ ਮਿੱਟੀ ਅਤੇ ਆਪਣੇ ਹੱਕਾਂ ਲਈ ਡਟ ਕੇ ਖੜ੍ਹਾ ਰਿਹਾ। ਉਸ ਦਾ ਮੰਨਣਾ ਸੀ ਕਿ ਪੰਜਾਬ ਦੇ ਹੱਕਾਂ ਦੀ ਲੜਾਈ ਸਿਰਫ਼ ਸਿਆਸੀ ਨਹੀਂ, ਸਗੋਂ ਜ਼ਮੀਰ ਦੀ ਲੜਾਈ ਹੈ।

ਭਾਵੇਂ ਅੱਜ ਉਹ ਸਾਡੇ ਵਿਚ ਨਹੀਂ, ਪਰ ਉਸ ਦੇ ਵਿਚਾਰ ਅੱਜ ਵੀ ਜਿਊਂਦੇ ਹਨ। ਸਰੀਰ ਮਰ ਜਾਂਦੇ ਹਨ ਪਰ ਜ਼ਮੀਰ ਦੀ ਜੋਤ ਕਦੇ ਨਹੀਂ ਬੁਝਦੀ।

ਜਨਮ 1984 ਤੋਂ ਲੈ ਕੇ 15 ਫਰਵਰੀ 2022 ਤੱਕ ਦਾ ਉਸ ਦਾ ਸਫ਼ਰ ਇਕ ਅਜਿਹੀ ਕਹਾਣੀ ਹੈ ਜੋ ਆਉਣ ਵਾਲੀਆਂ ਪੀੜ੍ਹੀਆਂ ਨੂੰ ਪ੍ਰੇਰਨਾ ਦਿੰਦੀ ਰਹੇਗੀ।

ਇੱਕ ਅਜੇਹ ਸ਼ਰਿਹ ਦਾ ਅਜਿਹਾ ਜਾਣਾ - ਪਛਾਣਿਆ ਸਿਤਾਰਾ ਜੋ 'ਦੀਪ ਸਿੱਧੂ' ਦੇ ਨਾਂ ਨਾਲ ਜਾਣਿਆ ਗਿਆ, ਕਿਸਾਨ ਅੰਦੋਲਨ ਦੇ ਦਿਨਾਂ ਵਿਚ ਸਟੇਜਾਂ ਤੋਂ ਗੂੰਜਦੀ ਉਸ ਦੀ ਆਵਾਜ਼ ਨੇ ਲੱਖਾਂ ਨੌਜਵਾਨਾਂ ਨੂੰ ਜਗਾਇਆ।

ਉਹ ਆਪਣੇ ਲੋਕਾਂ, ਆਪਣੀ ਮਿੱਟੀ ਅਤੇ ਆਪਣੇ ਹੱਕਾਂ ਲਈ ਡਟ ਕੇ ਖੜ੍ਹਾ ਰਿਹਾ। ਉਸ ਦਾ ਮੰਨਣਾ ਸੀ ਕਿ ਪੰਜਾਬ ਦੇ ਹੱਕਾਂ ਦੀ ਲੜਾਈ ਸਿਰਫ਼ ਸਿਆਸੀ ਨਹੀਂ, ਸਗੋਂ ਜ਼ਮੀਰ ਦੀ ਲੜਾਈ ਹੈ।

ਭਾਵੇਂ ਅੱਜ ਉਹ ਸਾਡੇ ਵਿਚ ਨਹੀਂ, ਪਰ ਉਸ ਦੇ ਵਿਚਾਰ ਅੱਜ ਵੀ ਜਿਊਂਦੇ ਹਨ। ਸਰੀਰ ਮਰ ਜਾਂਦੇ ਹਨ ਪਰ ਜ਼ਮੀਰ ਦੀ ਜੋਤ ਕਦੇ ਨਹੀਂ ਬੁਝਦੀ।

ਜਨਮ 1984 ਤੋਂ ਲੈ ਕੇ 15 ਫਰਵਰੀ 2022 ਤੱਕ ਦਾ ਉਸ ਦਾ ਸਫ਼ਰ ਇਕ ਅਜਿਹੀ ਕਹਾਣੀ ਹੈ ਜੋ ਆਉਣ ਵਾਲੀਆਂ ਪੀੜ੍ਹੀਆਂ ਨੂੰ ਪ੍ਰੇਰਨਾ ਦਿੰਦੀ ਰਹੇਗੀ।

ਉਹ ਆਪਣੇ ਲੋਕਾਂ, ਆਪਣੀ ਮਿੱਟੀ ਅਤੇ ਆਪਣੇ ਹੱਕਾਂ ਲਈ ਡਟ ਕੇ ਖੜ੍ਹਾ ਰਿਹਾ। ਉਸ ਦਾ ਮੰਨਣਾ ਸੀ ਕਿ ਪੰਜਾਬ ਦੇ ਹੱਕਾਂ ਦੀ ਲੜਾਈ ਸਿਰਫ਼ ਸਿਆਸੀ ਨਹੀਂ, ਸਗੋਂ ਜ਼ਮੀਰ ਦੀ ਲੜਾਈ ਹੈ।

ਭਾਵੇਂ ਅੱਜ ਉਹ ਸਾਡੇ ਵਿਚ ਨਹੀਂ, ਪਰ ਉਸ ਦੇ ਵਿਚਾਰ ਅੱਜ ਵੀ ਜਿਊਂਦੇ ਹਨ। ਸਰੀਰ ਮਰ ਜਾਂਦੇ ਹਨ ਪਰ ਜ਼ਮੀਰ ਦੀ ਜੋਤ ਕਦੇ ਨਹੀਂ ਬੁਝਦੀ।

ਜਨਮ 1984 ਤੋਂ ਲੈ ਕੇ 15 ਫਰਵਰੀ 2022 ਤੱਕ ਦਾ ਉਸ ਦਾ ਸਫ਼ਰ ਇਕ ਅਜਿਹੀ ਕਹਾਣੀ ਹੈ ਜੋ ਆਉਣ ਵਾਲੀਆਂ ਪੀੜ੍ਹੀਆਂ ਨੂੰ ਪ੍ਰੇਰਨਾ ਦਿੰਦੀ ਰਹੇਗੀ।

ਇੱਕ ਅਜੇਹ ਸ਼ਰਿਹ ਦਾ ਅਜਿਹਾ ਜਾਣਾ - ਪਛਾਣਿਆ ਸਿਤਾਰਾ ਜੋ 'ਦੀਪ ਸਿੱਧੂ' ਦੇ ਨਾਂ ਨਾਲ ਜਾਣਿਆ ਗਿਆ, ਕਿਸਾਨ ਅੰਦੋਲਨ ਦੇ ਦਿਨਾਂ ਵਿਚ ਸਟੇਜਾਂ ਤੋਂ ਗੂੰਜਦੀ ਉਸ ਦੀ ਆਵਾਜ਼ ਨੇ ਲੱਖਾਂ ਨੌਜਵਾਨਾਂ ਨੂੰ ਜਗਾਇਆ।

ਉਹ ਆਪਣੇ ਲੋਕਾਂ, ਆਪਣੀ ਮਿੱਟੀ ਅਤੇ ਆਪਣੇ ਹੱਕਾਂ ਲਈ ਡਟ ਕੇ ਖੜ੍ਹਾ ਰਿਹਾ। ਉਸ ਦਾ ਮੰਨਣਾ ਸੀ ਕਿ ਪੰਜਾਬ ਦੇ ਹੱਕਾਂ ਦੀ ਲੜਾਈ ਸਿਰਫ਼ ਸਿਆਸੀ ਨਹੀਂ, ਸਗੋਂ ਜ਼ਮੀਰ ਦੀ ਲੜਾਈ ਹੈ।

ਭਾਵੇਂ ਅੱਜ ਉਹ ਸਾਡੇ ਵਿਚ ਨਹੀਂ, ਪਰ ਉਸ ਦੇ ਵਿਚਾਰ ਅੱਜ ਵੀ ਜਿਊਂਦੇ ਹਨ। ਸਰੀਰ ਮਰ ਜਾਂਦੇ ਹਨ ਪਰ ਜ਼ਮੀਰ ਦੀ ਜੋਤ ਕਦੇ ਨਹੀਂ ਬੁਝਦੀ।

ਜਨਮ 1984 ਤੋਂ ਲੈ ਕੇ 15 ਫਰਵਰੀ 2022 ਤੱਕ ਦਾ ਉਸ ਦਾ ਸਫ਼ਰ ਇਕ ਅਜਿਹੀ ਕਹਾਣੀ ਹੈ ਜੋ ਆਉਣ ਵਾਲੀਆਂ ਪੀੜ੍ਹੀਆਂ ਨੂੰ ਪ੍ਰੇਰਨਾ ਦਿੰਦੀ ਰਹੇਗੀ।

ਇੱਕ ਅਜੇਹ ਸ਼ਰਿਹ ਦਾ ਅਜਿਹਾ ਜਾਣਾ - ਪਛਾਣਿਆ ਸਿਤਾਰਾ ਜੋ 'ਦੀਪ ਸਿੱਧੂ' ਦੇ ਨਾਂ ਨਾਲ ਜਾਣਿਆ ਗਿਆ, ਕਿਸਾਨ ਅੰਦੋਲਨ ਦੇ ਦਿਨਾਂ ਵਿਚ ਸਟੇਜਾਂ ਤੋਂ ਗੂੰਜਦੀ ਉਸ ਦੀ ਆਵਾਜ਼ ਨੇ ਲੱਖਾਂ ਨੌਜਵਾਨਾਂ ਨੂੰ ਜਗਾਇਆ।

ਉਹ ਆਪਣੇ ਲੋਕਾਂ, ਆਪਣੀ ਮਿੱਟੀ ਅਤੇ ਆਪਣੇ ਹੱਕਾਂ ਲਈ ਡਟ ਕੇ ਖੜ੍ਹਾ ਰਿਹਾ। ਉਸ ਦਾ ਮੰਨਣਾ ਸੀ ਕਿ ਪੰਜਾਬ ਦੇ ਹੱਕਾਂ ਦੀ ਲੜਾਈ ਸਿਰਫ਼ ਸਿਆਸੀ ਨਹੀਂ, ਸਗੋਂ ਜ਼ਮੀਰ ਦੀ ਲੜਾਈ ਹੈ।

" ਜਾਗਦੇ ਰਹੋ, ਤਾਂ ਜ਼ਿੰਦਗੀ ਵੀ ਜਾਗਦੀ ਹੈ,
ਸੌਂ ਗਏ ਤਾਂ ਸੁਪਨੇ ਵੀ ਸੌਂ ਜਾਂਦੇ ਨੇ।"

ਭਾਵੇਂ ਅੱਜ ਉਹ ਸਾਡੇ ਵਿਚ ਨਹੀਂ, ਪਰ ਉਸ ਦੇ ਵਿਚਾਰ ਅੱਜ ਵੀ ਜਿਊਂਦੇ ਹਨ। ਸਰੀਰ ਮਰ ਜਾਂਦੇ ਹਨ ਪਰ ਜ਼ਮੀਰ ਦੀ ਜੋਤ ਕਦੇ ਨਹੀਂ ਬੁਝਦੀ।

ਜਨਮ 1984 ਤੋਂ ਲੈ ਕੇ 15 ਫਰਵਰੀ 2022 ਤੱਕ ਦਾ ਉਸ ਦਾ ਸਫ਼ਰ ਇਕ ਅਜਿਹੀ ਕਹਾਣੀ ਹੈ ਜੋ ਆਉਣ ਵਾਲੀਆਂ ਪੀੜ੍ਹੀਆਂ ਨੂੰ ਪ੍ਰੇਰਨਾ ਦਿੰਦੀ ਰਹੇਗੀ।

ਇੱਕ ਅਜੇਹ ਸ਼ਰਿਹ ਦਾ ਅਜਿਹਾ ਜਾਣਾ - ਪਛਾਣਿਆ ਸਿਤਾਰਾ ਜੋ 'ਦੀਪ ਸਿੱਧੂ' ਦੇ ਨਾਂ ਨਾਲ ਜਾਣਿਆ ਗਿਆ, ਕਿਸਾਨ ਅੰਦੋਲਨ ਦੇ ਦਿਨਾਂ ਵਿਚ ਸਟੇਜਾਂ ਤੋਂ ਗੂੰਜਦੀ ਉਸ ਦੀ ਆਵਾਜ਼ ਨੇ ਲੱਖਾਂ ਨੌਜਵਾਨਾਂ ਨੂੰ ਜਗਾਇਆ।

ਜਨਮ 1984 ਤੋਂ ਲੈ ਕੇ 15 ਫਰਵਰੀ 2022 ਤੱਕ ਦਾ ਉਸ ਦਾ ਸਫ਼ਰ ਇਕ ਅਜਿਹੀ ਕਹਾਣੀ ਹੈ ਜੋ ਆਉਣ ਵਾਲੀਆਂ ਪੀੜ੍ਹੀਆਂ ਨੂੰ ਪ੍ਰੇਰਨਾ ਦਿੰਦੀ ਰਹੇਗੀ।

ਇੱਕ ਅਜੇਹ ਸ਼ਰਿਹ ਦਾ ਅਜਿਹਾ ਜਾਣਾ - ਪਛਾਣਿਆ ਸਿਤਾਰਾ ਜੋ 'ਦੀਪ ਸਿੱਧੂ' ਦੇ ਨਾਂ ਨਾਲ ਜਾਣਿਆ ਗਿਆ, ਕਿਸਾਨ ਅੰਦੋਲਨ ਦੇ ਦਿਨਾਂ ਵਿਚ ਸਟੇਜਾਂ ਤੋਂ ਗੂੰਜਦੀ ਉਸ ਦੀ ਆਵਾਜ਼ ਨੇ ਲੱਖਾਂ ਨੌਜਵਾਨਾਂ ਨੂੰ ਜਗਾਇਆ।

ਉਹ ਆਪਣੇ ਲੋਕਾਂ, ਆਪਣੀ ਮਿੱਟੀ ਅਤੇ ਆਪਣੇ ਹੱਕਾਂ ਲਈ ਡਟ ਕੇ ਖੜ੍ਹਾ ਰਿਹਾ। ਉਸ ਦਾ ਮੰਨਣਾ ਸੀ ਕਿ ਪੰਜਾਬ ਦੇ ਹੱਕਾਂ ਦੀ ਲੜਾਈ ਸਿਰਫ਼ ਸਿਆਸੀ ਨਹੀਂ, ਸਗੋਂ ਜ਼ਮੀਰ ਦੀ ਲੜਾਈ ਹੈ।

ਭਾਵੇਂ ਅੱਜ ਉਹ ਸਾਡੇ ਵਿਚ ਨਹੀਂ, ਪਰ ਉਸ ਦੇ ਵਿਚਾਰ ਅੱਜ ਵੀ ਜਿਊਂਦੇ ਹਨ। ਸਰੀਰ ਮਰ ਜਾਂਦੇ ਹਨ ਪਰ ਜ਼ਮੀਰ ਦੀ ਜੋਤ ਕਦੇ ਨਹੀਂ ਬੁਝਦੀ।

ਜਨਮ 1984 ਤੋਂ ਲੈ ਕੇ 15 ਫਰਵਰੀ 2022 ਤੱਕ ਦਾ ਉਸ ਦਾ ਸਫ਼ਰ ਇਕ ਅਜਿਹੀ ਕਹਾਣੀ ਹੈ ਜੋ ਆਉਣ ਵਾਲੀਆਂ ਪੀੜ੍ਹੀਆਂ ਨੂੰ ਪ੍ਰੇਰਨਾ ਦਿੰਦੀ ਰਹੇਗੀ।

ਇੱਕ ਅਜੇਹ ਸ਼ਰਿਹ ਦਾ ਅਜਿਹਾ ਜਾਣਾ - ਪਛਾਣਿਆ ਸਿਤਾਰਾ ਜੋ 'ਦੀਪ ਸਿੱਧੂ' ਦੇ ਨਾਂ ਨਾਲ ਜਾਣਿਆ ਗਿਆ, ਕਿਸਾਨ ਅੰਦੋਲਨ ਦੇ ਦਿਨਾਂ ਵਿਚ ਸਟੇਜਾਂ ਤੋਂ ਗੂੰਜਦੀ ਉਸ ਦੀ ਆਵਾਜ਼ ਨੇ ਲੱਖਾਂ ਨੌਜਵਾਨਾਂ ਨੂੰ ਜਗਾਇਆ।

ਉਹ ਆਪਣੇ ਲੋਕਾਂ, ਆਪਣੀ ਮਿੱਟੀ ਅਤੇ ਆਪਣੇ ਹੱਕਾਂ ਲਈ ਡਟ ਕੇ ਖੜ੍ਹਾ ਰਿਹਾ। ਉਸ ਦਾ ਮੰਨਣਾ ਸੀ ਕਿ ਪੰਜਾਬ ਦੇ ਹੱਕਾਂ ਦੀ ਲੜਾਈ ਸਿਰਫ਼ ਸਿਆਸੀ ਨਹੀਂ, ਸਗੋਂ ਜ਼ਮੀਰ ਦੀ ਲੜਾਈ ਹੈ।

ਕੁਲਵਿੰਦਰ ਕੌਰ ਮਹਿਕ
(ਪ੍ਰਧਾਨ ਲੋਕ ਸਾਹਿਤ ਸਭਾ)
